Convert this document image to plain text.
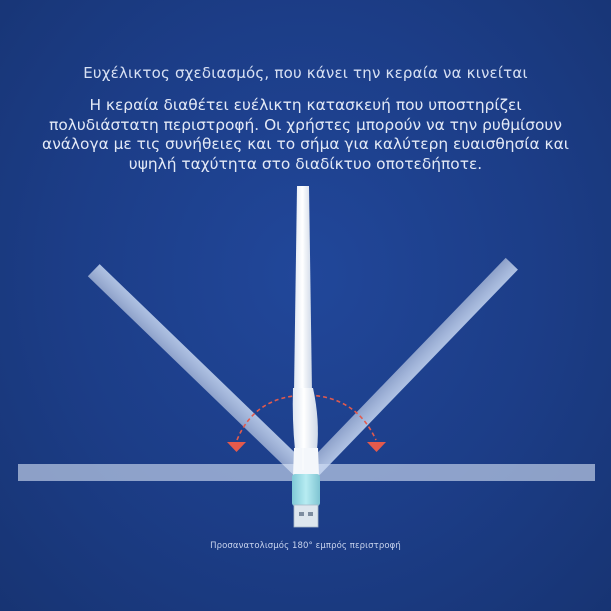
Ευχέλικτος σχεδιασμός, που κάνει την κεραία να κινείται

Η κεραία διαθέτει ευέλικτη κατασκευή που υποστηρίζει πολυδιάστατη περιστροφή. Οι χρήστες μπορούν να την ρυθμίσουν ανάλογα με τις συνήθειες και το σήμα για καλύτερη ευαισθησία και υψηλή ταχύτητα στο διαδίκτυο οποτεδήποτε.

Προσανατολισμός 180° εμπρός περιστροφή
